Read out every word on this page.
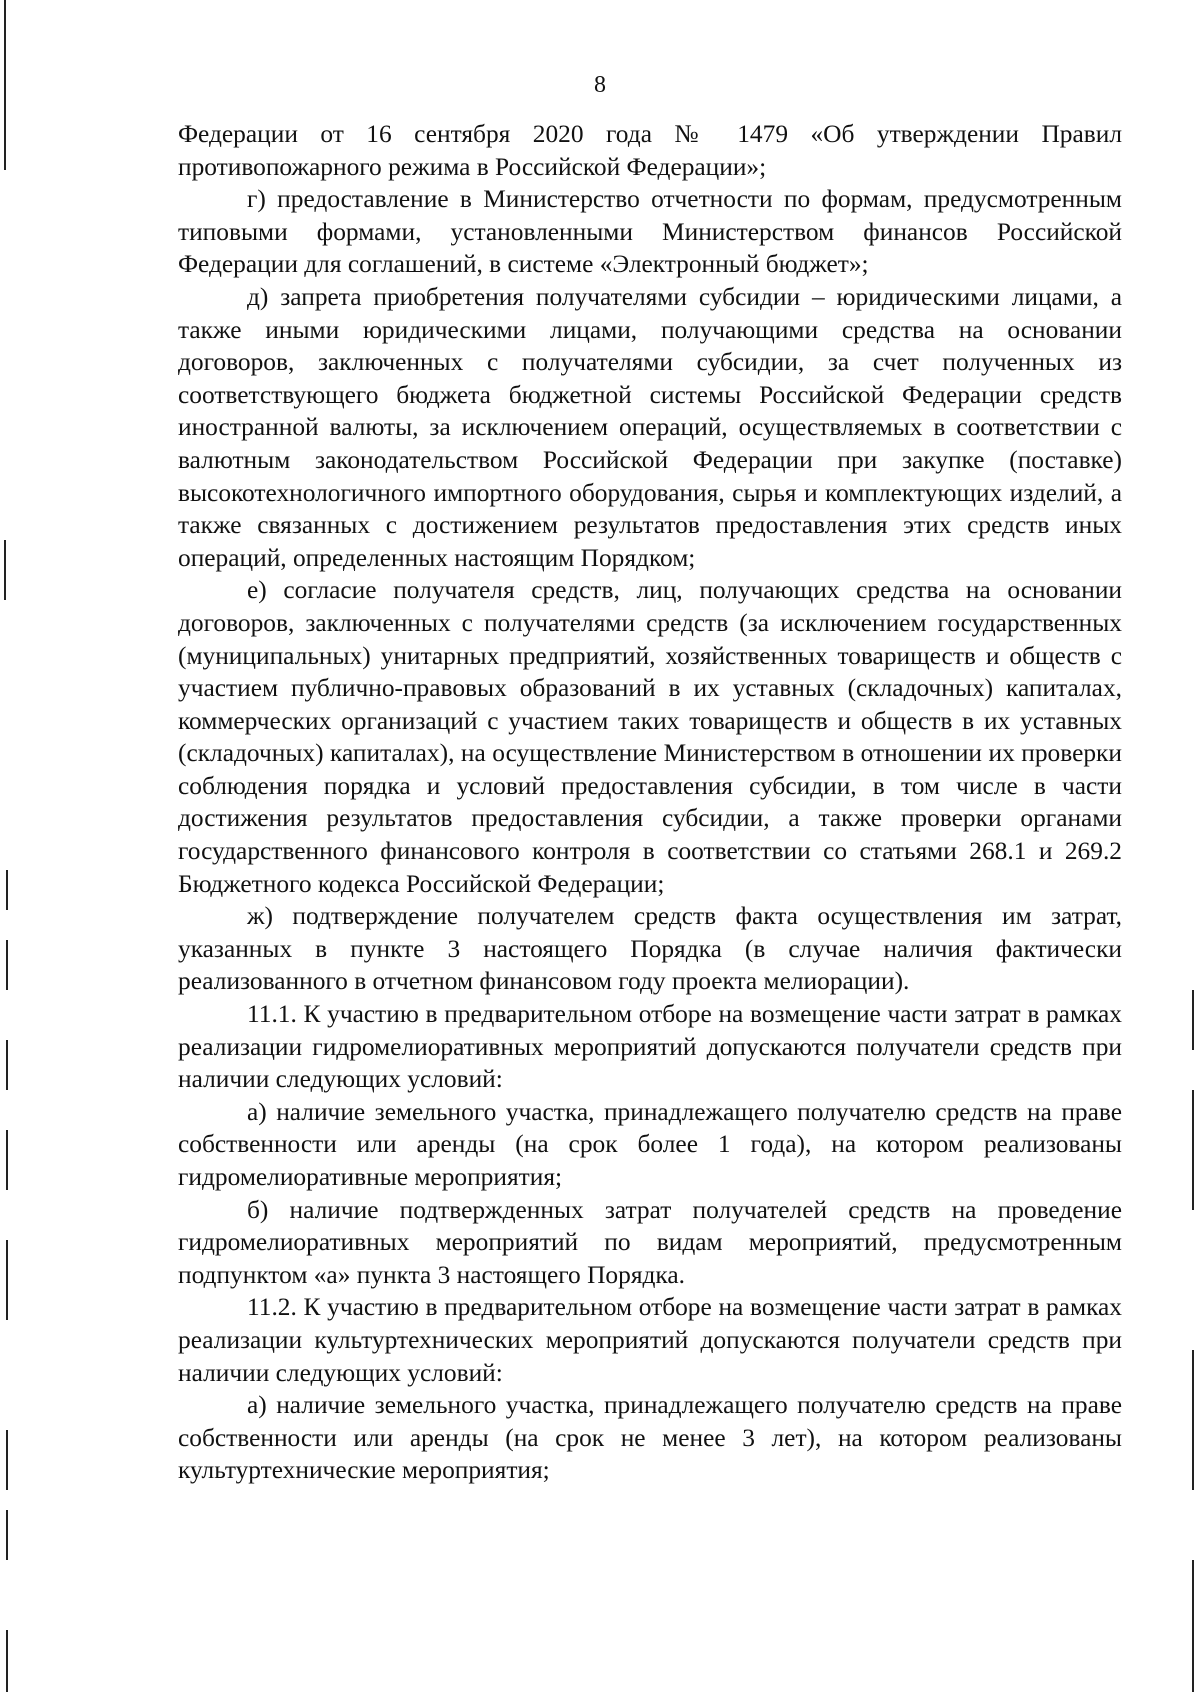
8

Федерации от 16 сентября 2020 года № 1479 «Об утверждении Правил противопожарного режима в Российской Федерации»;

г) предоставление в Министерство отчетности по формам, предусмотренным типовыми формами, установленными Министерством финансов Российской Федерации для соглашений, в системе «Электронный бюджет»;

д) запрета приобретения получателями субсидии – юридическими лицами, а также иными юридическими лицами, получающими средства на основании договоров, заключенных с получателями субсидии, за счет полученных из соответствующего бюджета бюджетной системы Российской Федерации средств иностранной валюты, за исключением операций, осуществляемых в соответствии с валютным законодательством Российской Федерации при закупке (поставке) высокотехнологичного импортного оборудования, сырья и комплектующих изделий, а также связанных с достижением результатов предоставления этих средств иных операций, определенных настоящим Порядком;

е) согласие получателя средств, лиц, получающих средства на основании договоров, заключенных с получателями средств (за исключением государственных (муниципальных) унитарных предприятий, хозяйственных товариществ и обществ с участием публично-правовых образований в их уставных (складочных) капиталах, коммерческих организаций с участием таких товариществ и обществ в их уставных (складочных) капиталах), на осуществление Министерством в отношении их проверки соблюдения порядка и условий предоставления субсидии, в том числе в части достижения результатов предоставления субсидии, а также проверки органами государственного финансового контроля в соответствии со статьями 268.1 и 269.2 Бюджетного кодекса Российской Федерации;

ж) подтверждение получателем средств факта осуществления им затрат, указанных в пункте 3 настоящего Порядка (в случае наличия фактически реализованного в отчетном финансовом году проекта мелиорации).

11.1. К участию в предварительном отборе на возмещение части затрат в рамках реализации гидромелиоративных мероприятий допускаются получатели средств при наличии следующих условий:

а) наличие земельного участка, принадлежащего получателю средств на праве собственности или аренды (на срок более 1 года), на котором реализованы гидромелиоративные мероприятия;

б) наличие подтвержденных затрат получателей средств на проведение гидромелиоративных мероприятий по видам мероприятий, предусмотренным подпунктом «а» пункта 3 настоящего Порядка.

11.2. К участию в предварительном отборе на возмещение части затрат в рамках реализации культуртехнических мероприятий допускаются получатели средств при наличии следующих условий:

а) наличие земельного участка, принадлежащего получателю средств на праве собственности или аренды (на срок не менее 3 лет), на котором реализованы культуртехнические мероприятия;
